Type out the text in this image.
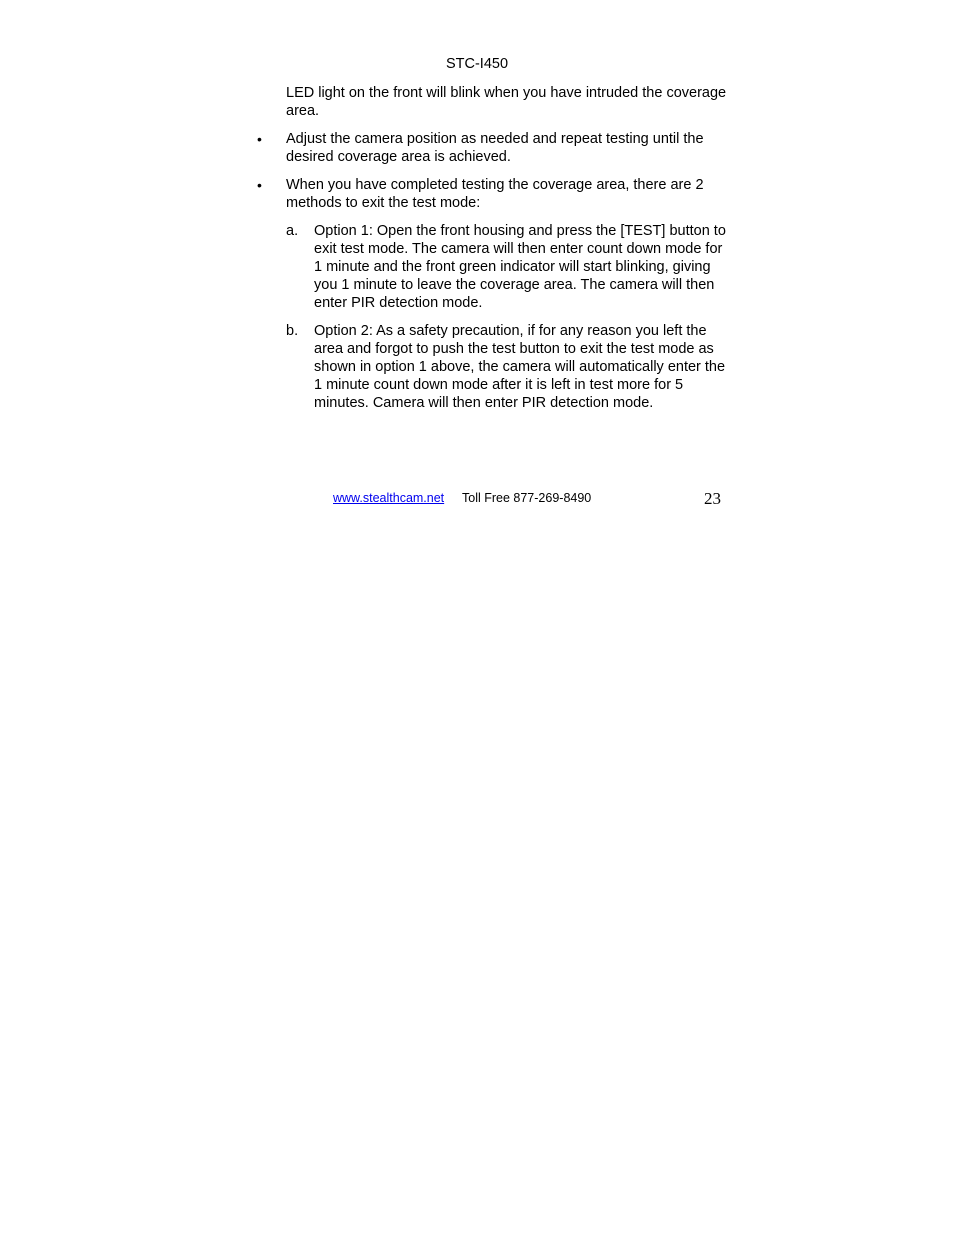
STC-I450

LED light on the front will blink when you have intruded the coverage area.

• Adjust the camera position as needed and repeat testing until the desired coverage area is achieved.
• When you have completed testing the coverage area, there are 2 methods to exit the test mode:
a. Option 1: Open the front housing and press the [TEST] button to exit test mode. The camera will then enter count down mode for 1 minute and the front green indicator will start blinking, giving you 1 minute to leave the coverage area. The camera will then enter PIR detection mode.
b. Option 2: As a safety precaution, if for any reason you left the area and forgot to push the test button to exit the test mode as shown in option 1 above, the camera will automatically enter the 1 minute count down mode after it is left in test more for 5 minutes. Camera will then enter PIR detection mode.
www.stealthcam.net Toll Free 877-269-8490	23
